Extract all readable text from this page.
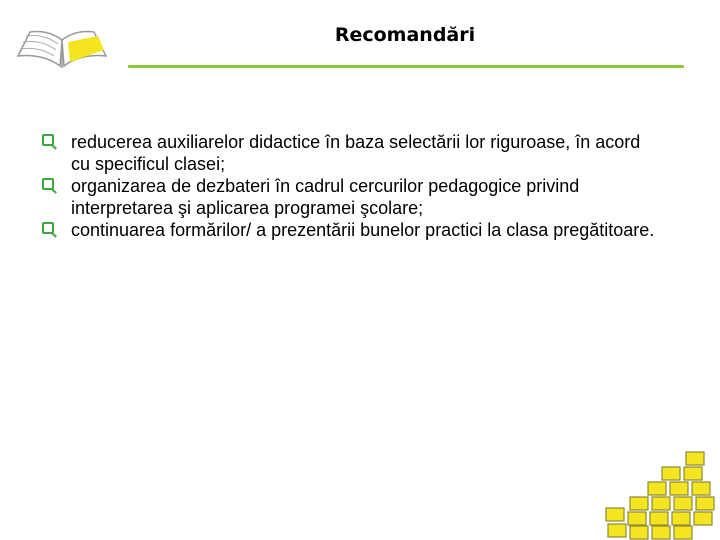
Recomandări
reducerea auxiliarelor didactice în baza selectării lor riguroase, în acord cu specificul clasei;
organizarea de dezbateri în cadrul cercurilor pedagogice privind interpretarea şi aplicarea programei şcolare;
continuarea formărilor/ a prezentării bunelor practici la clasa pregătitoare.
